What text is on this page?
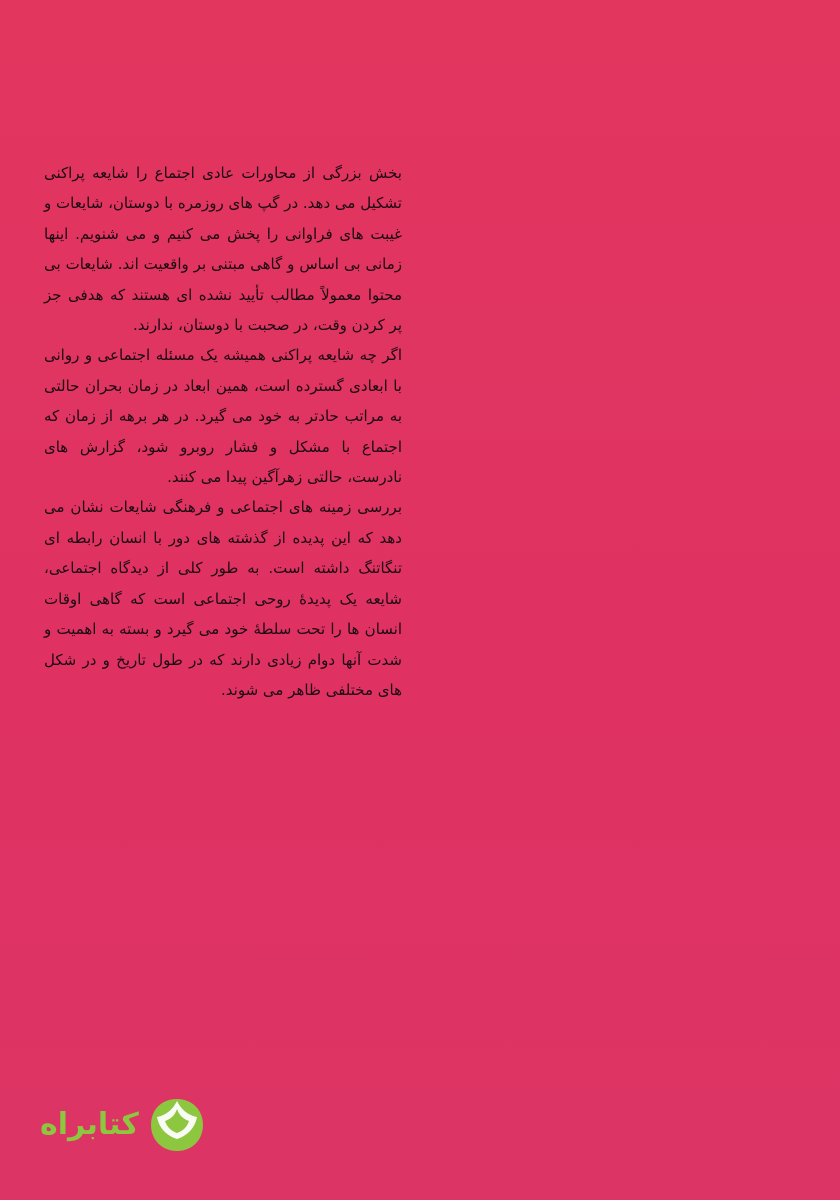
بخش بزرگی از محاورات عادی اجتماع را شایعه پراکنی تشکیل می دهد. در گپ های روزمره با دوستان، شایعات و غیبت های فراوانی را پخش می کنیم و می شنویم. اینها زمانی بی اساس و گاهی مبتنی بر واقعیت اند. شایعات بی محتوا معمولاً مطالب تأیید نشده ای هستند که هدفی جز پر کردن وقت، در صحبت با دوستان، ندارند.

اگر چه شایعه پراکنی همیشه یک مسئله اجتماعی و روانی با ابعادی گسترده است، همین ابعاد در زمان بحران حالتی به مراتب حادتر به خود می گیرد. در هر برهه از زمان که اجتماع با مشکل و فشار روبرو شود، گزارش های نادرست، حالتی زهرآگین پیدا می کنند.

بررسی زمینه های اجتماعی و فرهنگی شایعات نشان می دهد که این پدیده از گذشته های دور با انسان رابطه ای تنگاتنگ داشته است. به طور کلی از دیدگاه اجتماعی، شایعه یک پدیدهٔ روحی اجتماعی است که گاهی اوقات انسان ها را تحت سلطهٔ خود می گیرد و بسته به اهمیت و شدت آنها دوام زیادی دارند که در طول تاریخ و در شکل های مختلفی ظاهر می شوند.

کتابراه
